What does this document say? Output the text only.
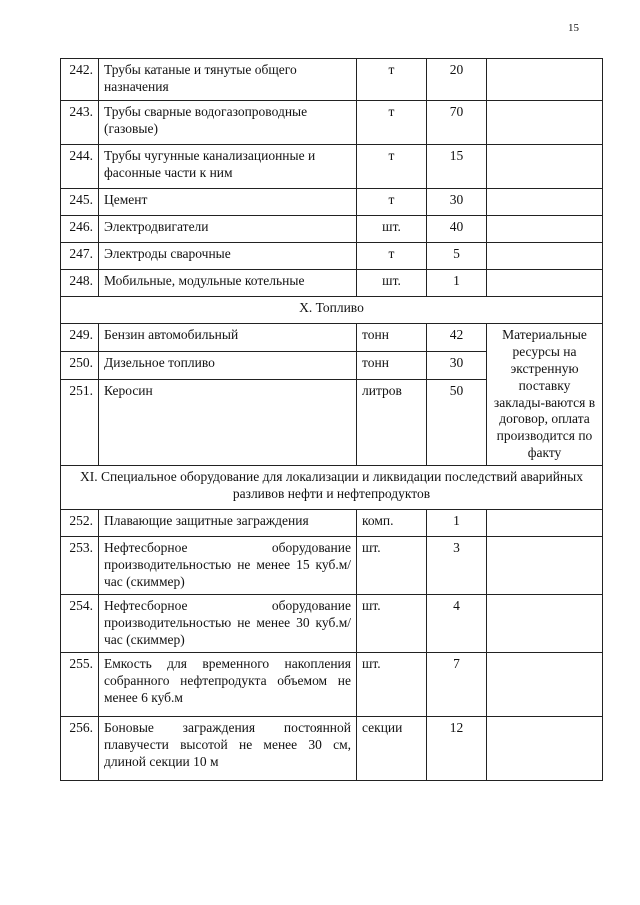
15
242.	Трубы катаные и тянутые общего назначения	т	20	
243.	Трубы сварные водогазопроводные (газовые)	т	70	
244.	Трубы чугунные канализационные и фасонные части к ним	т	15	
245.	Цемент	т	30	
246.	Электродвигатели	шт.	40	
247.	Электроды сварочные	т	5	
248.	Мобильные, модульные котельные	шт.	1	
X. Топливо				
249.	Бензин автомобильный	тонн	42	Материальные ресурсы на экстренную поставку заклады-ваются в договор, оплата производится по факту
250.	Дизельное топливо	тонн	30	
251.	Керосин	литров	50	
XI. Специальное оборудование для локализации и ликвидации последствий аварийных разливов нефти и нефтепродуктов				
252.	Плавающие защитные заграждения	комп.	1	
253.	Нефтесборное оборудование производительностью не менее 15 куб.м/час (скиммер)	шт.	3	
254.	Нефтесборное оборудование производительностью не менее 30 куб.м/час (скиммер)	шт.	4	
255.	Емкость для временного накопления собранного нефтепродукта объемом не менее 6 куб.м	шт.	7	
256.	Боновые заграждения постоянной плавучести высотой не менее 30 см, длиной секции 10 м	секции	12	
